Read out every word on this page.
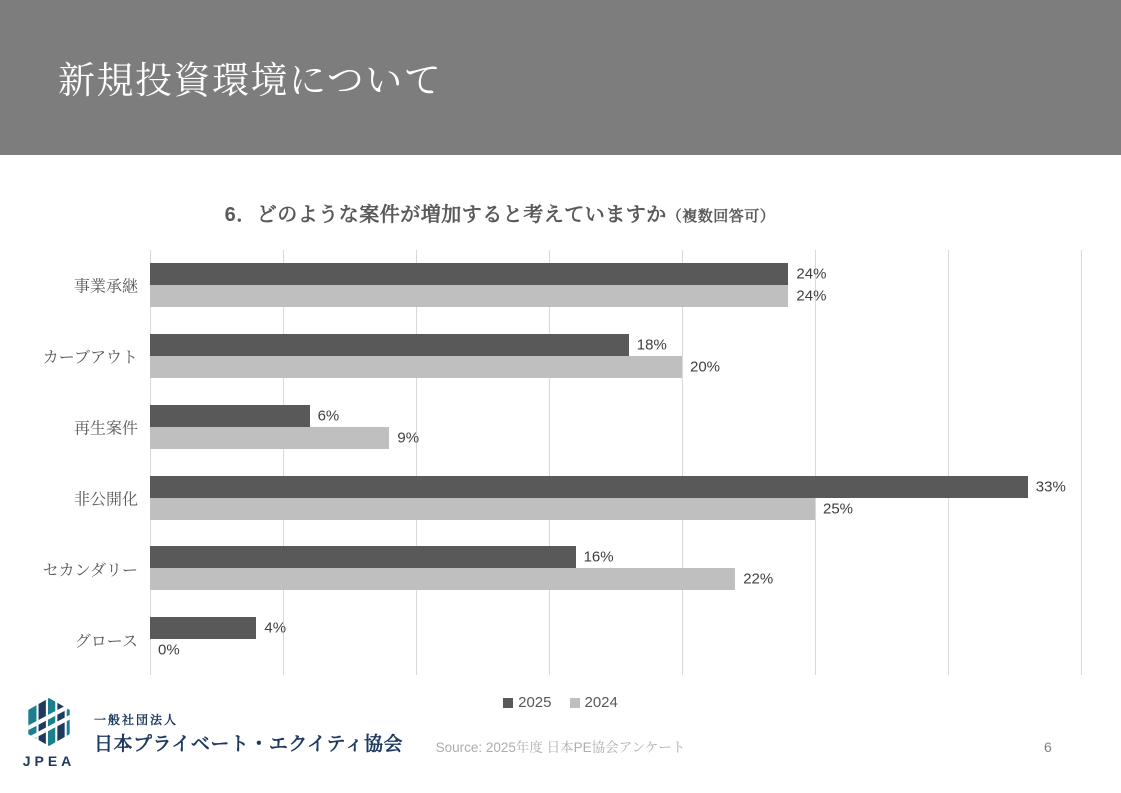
新規投資環境について
6．どのような案件が増加すると考えていますか（複数回答可）
事業承継
24%
24%
カーブアウト
18%
20%
再生案件
6%
9%
非公開化
33%
25%
セカンダリー
16%
22%
グロース
4%
0%
2025 2024
Source: 2025年度 日本PE協会アンケート	6
JPEA
一般社団法人
日本プライベート・エクイティ協会
